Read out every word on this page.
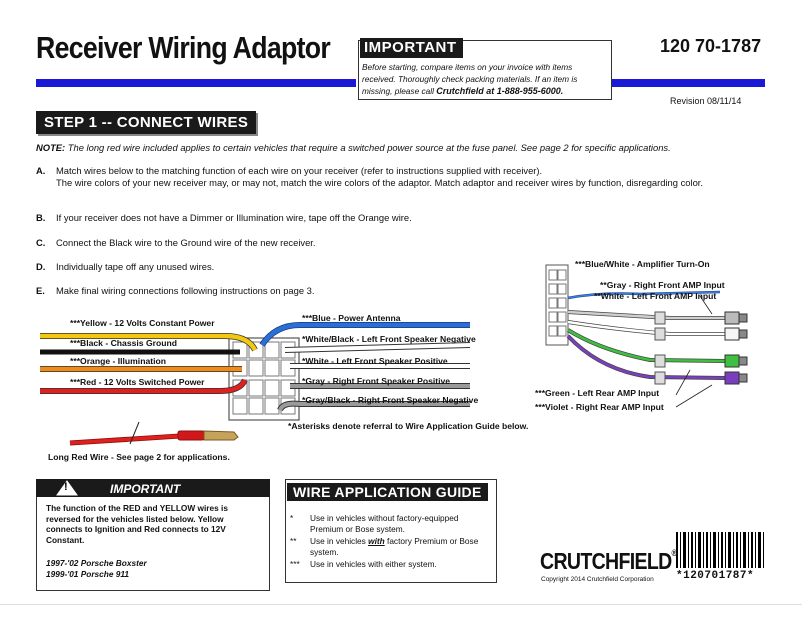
Receiver Wiring Adaptor IMPORTANT
Before starting, compare items on your invoice with items received. Thoroughly check packing materials. If an item is missing, please call Crutchfield at 1-888-955-6000.
120 70-1787
Revision 08/11/14
STEP 1 -- CONNECT WIRES
NOTE: The long red wire included applies to certain vehicles that require a switched power source at the fuse panel. See page 2 for specific applications.
A. Match wires below to the matching function of each wire on your receiver (refer to instructions supplied with receiver).
The wire colors of your new receiver may, or may not, match the wire colors of the adaptor. Match adaptor and receiver wires by function, disregarding color.
B. If your receiver does not have a Dimmer or Illumination wire, tape off the Orange wire.
C. Connect the Black wire to the Ground wire of the new receiver.
D. Individually tape off any unused wires.
E. Make final wiring connections following instructions on page 3.
***Yellow - 12 Volts Constant Power
***Black - Chassis Ground
***Orange - Illumination
***Red - 12 Volts Switched Power
***Blue - Power Antenna
*White/Black - Left Front Speaker Negative
*White - Left Front Speaker Positive
*Gray - Right Front Speaker Positive
*Gray/Black - Right Front Speaker Negative
*Asterisks denote referral to Wire Application Guide below.
Long Red Wire - See page 2 for applications.
***Blue/White - Amplifier Turn-On
**Gray - Right Front AMP Input
**White - Left Front AMP Input
***Green - Left Rear AMP Input
***Violet - Right Rear AMP Input
!	IMPORTANT
The function of the RED and YELLOW wires is reversed for the vehicles listed below. Yellow connects to Ignition and Red connects to 12V Constant.
1997-'02 Porsche Boxster
1999-'01 Porsche 911
WIRE APPLICATION GUIDE
* Use in vehicles without factory-equipped Premium or Bose system.
** Use in vehicles with factory Premium or Bose system.
*** Use in vehicles with either system.	CRUTCHFIELD®
Copyright 2014 Crutchfield Corporation *120701787*
